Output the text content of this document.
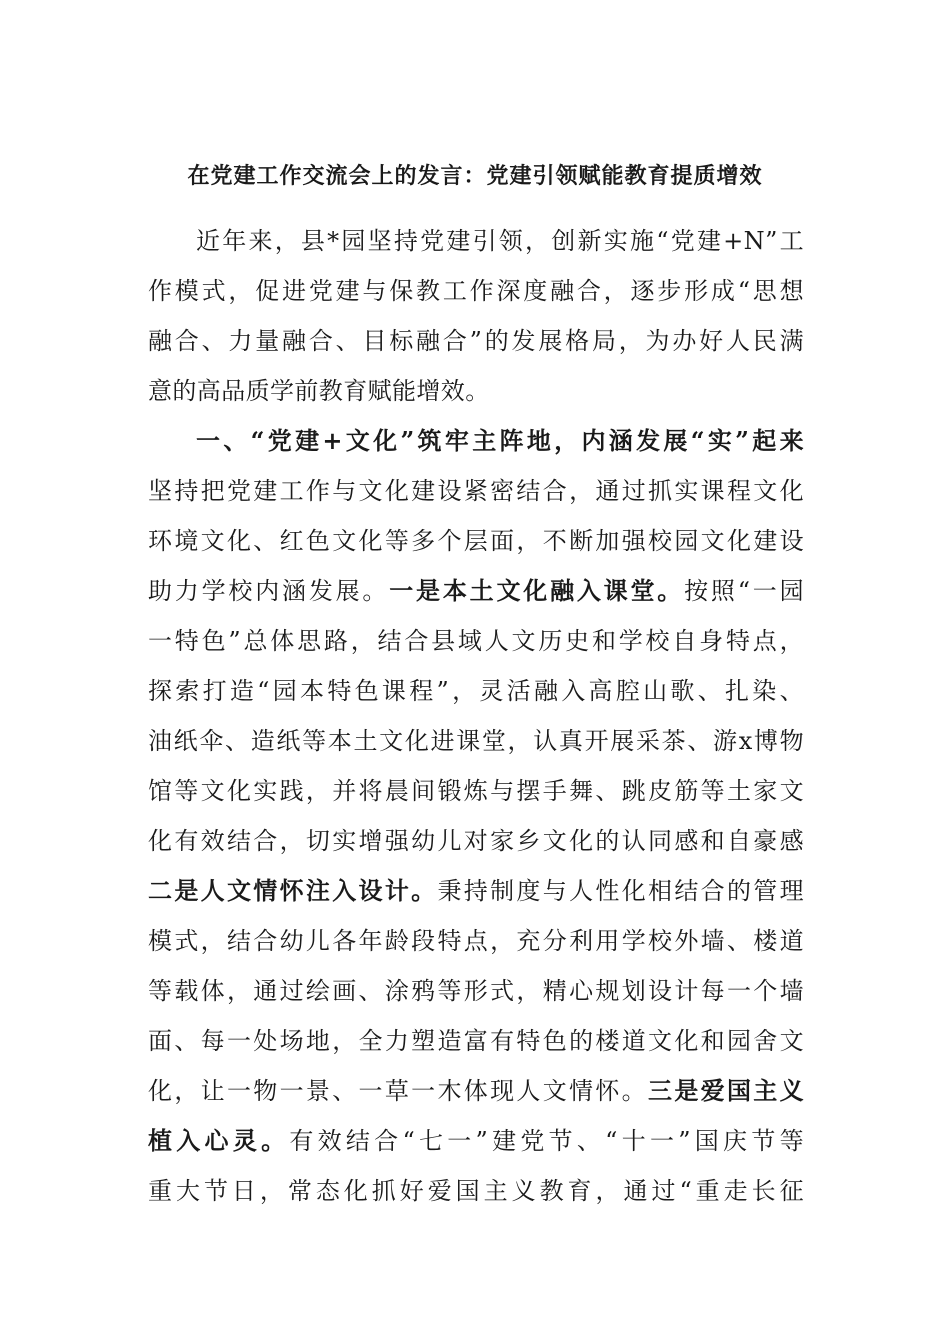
在党建工作交流会上的发言：党建引领赋能教育提质增效
近年来，县*园坚持党建引领，创新实施“党建+N”工
作模式，促进党建与保教工作深度融合，逐步形成“思想
融合、力量融合、目标融合”的发展格局，为办好人民满
意的高品质学前教育赋能增效。
一、“党建+文化”筑牢主阵地，内涵发展“实”起来
坚持把党建工作与文化建设紧密结合，通过抓实课程文化
环境文化、红色文化等多个层面，不断加强校园文化建设
助力学校内涵发展。一是本土文化融入课堂。按照“一园
一特色”总体思路，结合县域人文历史和学校自身特点，
探索打造“园本特色课程”，灵活融入高腔山歌、扎染、
油纸伞、造纸等本土文化进课堂，认真开展采茶、游x博物
馆等文化实践，并将晨间锻炼与摆手舞、跳皮筋等土家文
化有效结合，切实增强幼儿对家乡文化的认同感和自豪感
二是人文情怀注入设计。秉持制度与人性化相结合的管理
模式，结合幼儿各年龄段特点，充分利用学校外墙、楼道
等载体，通过绘画、涂鸦等形式，精心规划设计每一个墙
面、每一处场地，全力塑造富有特色的楼道文化和园舍文
化，让一物一景、一草一木体现人文情怀。三是爱国主义
植入心灵。有效结合“七一”建党节、“十一”国庆节等
重大节日，常态化抓好爱国主义教育，通过“重走长征
